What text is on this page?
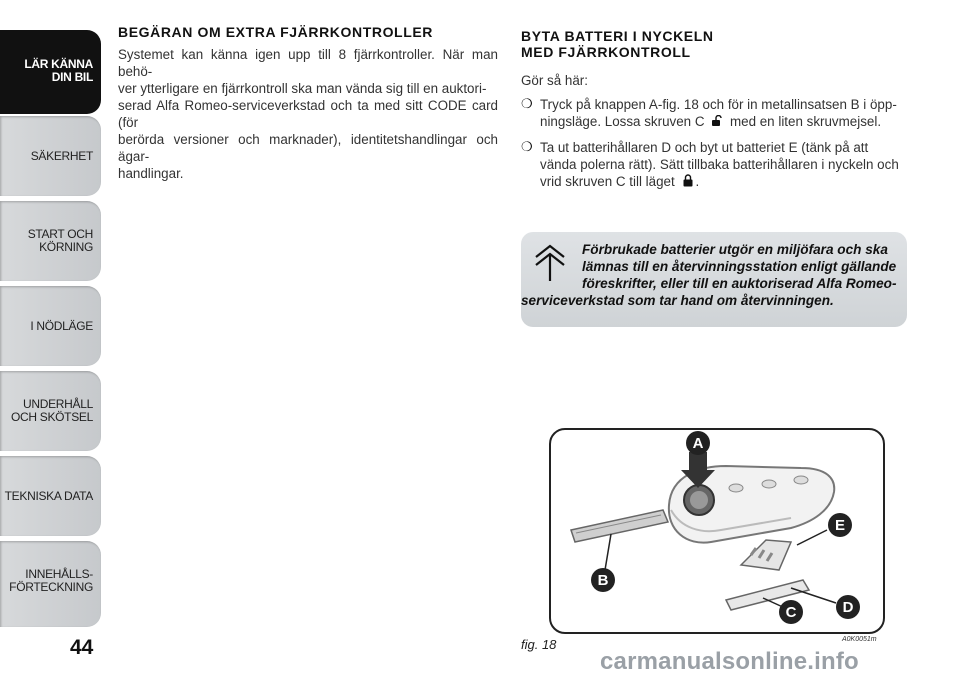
LÄR KÄNNA
DIN BIL
SÄKERHET
START OCH
KÖRNING
I NÖDLÄGE
UNDERHÅLL
OCH SKÖTSEL
TEKNISKA DATA
INNEHÅLLS-
FÖRTECKNING
44
BEGÄRAN OM EXTRA FJÄRRKONTROLLER
Systemet kan känna igen upp till 8 fjärrkontroller. När man behö-
ver ytterligare en fjärrkontroll ska man vända sig till en auktori-
serad Alfa Romeo-serviceverkstad och ta med sitt CODE card (för
berörda versioner och marknader), identitetshandlingar och ägar-
handlingar.
BYTA BATTERI I NYCKELN
MED FJÄRRKONTROLL
Gör så här:
❍ Tryck på knappen A-fig. 18 och för in metallinsatsen B i öpp-
ningsläge. Lossa skruven C med en liten skruvmejsel.
❍ Ta ut batterihållaren D och byt ut batteriet E (tänk på att
vända polerna rätt). Sätt tillbaka batterihållaren i nyckeln och
vrid skruven C till läget .
Förbrukade batterier utgör en miljöfara och ska
lämnas till en återvinningsstation enligt gällande
föreskrifter, eller till en auktoriserad Alfa Romeo-
serviceverkstad som tar hand om återvinningen.
A
E
B
D
C
fig. 18	A0K0051m
carmanualsonline.info
